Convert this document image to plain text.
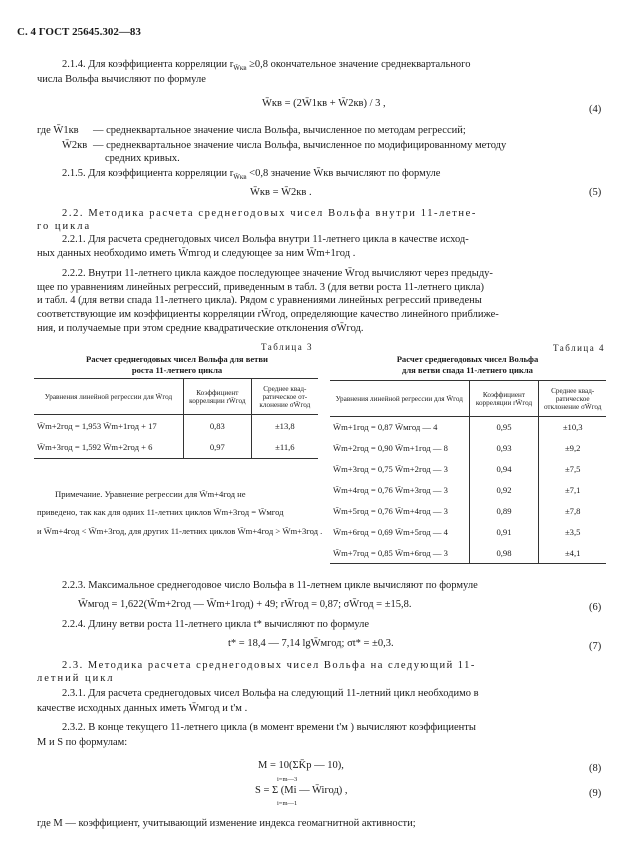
С. 4 ГОСТ 25645.302—83
2.1.4. Для коэффициента корреляции $r_{W̄кв} \ge 0,8$ окончательное значение среднеквартального
числа Вольфа вычисляют по формуле
W̄кв = (2W̄1кв + W̄2кв) / 3 ,
(4)
где W̄1кв — среднеквартальное значение числа Вольфа, вычисленное по методам регрессий;
W̄2кв — среднеквартальное значение числа Вольфа, вычисленное по модифицированному методу
средних кривых.
2.1.5. Для коэффициента корреляции $r_{W̄кв} <0,8$ значение W̄кв вычисляют по формуле
W̄кв = W̄2кв .	(5)
2.2. Методика расчета среднегодовых чисел Вольфа внутри 11-летне-
го цикла
2.2.1. Для расчета среднегодовых чисел Вольфа внутри 11-летнего цикла в качестве исход-
ных данных необходимо иметь W̄mгод и следующее за ним W̄m+1год .
2.2.2. Внутри 11-летнего цикла каждое последующее значение W̄год вычисляют через предыду-
щее по уравнениям линейных регрессий, приведенным в табл. 3 (для ветви роста 11-летнего цикла)
и табл. 4 (для ветви спада 11-летнего цикла). Рядом с уравнениями линейных регрессий приведены
соответствующие им коэффициенты корреляции rW̄год, определяющие качество линейного приближе-
ния, и получаемые при этом средние квадратические отклонения σW̄год.
Таблица 3
Расчет среднегодовых чисел Вольфа для ветви
роста 11-летнего цикла
Уравнения линейной регрессии для W̄год	Коэффициент корреляции rW̄год	Среднее квад-ратическое от-клонение σW̄год
W̄m+2год = 1,953 W̄m+1год + 17	0,83	±13,8
W̄m+3год = 1,592 W̄m+2год + 6	0,97	±11,6
Примечание. Уравнение регрессии для W̄m+4год не
приведено, так как для одних 11-летних циклов W̄m+3год = W̄мгод
и W̄m+4год < W̄m+3год, для других 11-летних циклов W̄m+4год > W̄m+3год .
Таблица 4
Расчет среднегодовых чисел Вольфа
для ветви спада 11-летнего цикла
Уравнения линейной регрессии для W̄год	Коэффициент корреляции rW̄год	Среднее квад-ратическое отклонение σW̄год
W̄m+1год = 0,87 W̄мгод — 4	0,95	±10,3
W̄m+2год = 0,90 W̄m+1год — 8	0,93	±9,2
W̄m+3год = 0,75 W̄m+2год — 3	0,94	±7,5
W̄m+4год = 0,76 W̄m+3год — 3	0,92	±7,1
W̄m+5год = 0,76 W̄m+4год — 3	0,89	±7,8
W̄m+6год = 0,69 W̄m+5год — 4	0,91	±3,5
W̄m+7год = 0,85 W̄m+6год — 3	0,98	±4,1
2.2.3. Максимальное среднегодовое число Вольфа в 11-летнем цикле вычисляют по формуле
W̄мгод = 1,622(W̄m+2год — W̄m+1год) + 49; rW̄год = 0,87; σW̄год = ±15,8.	(6)
2.2.4. Длину ветви роста 11-летнего цикла t* вычисляют по формуле
t* = 18,4 — 7,14 lgW̄мгод; σt* = ±0,3.	(7)
2.3. Методика расчета среднегодовых чисел Вольфа на следующий 11-
летний цикл
2.3.1. Для расчета среднегодовых чисел Вольфа на следующий 11-летний цикл необходимо в
качестве исходных данных иметь W̄мгод и t'м .
2.3.2. В конце текущего 11-летнего цикла (в момент времени t'м ) вычисляют коэффициенты
M и S по формулам:
M = 10(ΣK̄p — 10),	(8)
i=m—3
S = Σ (Mi — W̄iгод) ,
i=m—1
(9)
где M — коэффициент, учитывающий изменение индекса геомагнитной активности;
